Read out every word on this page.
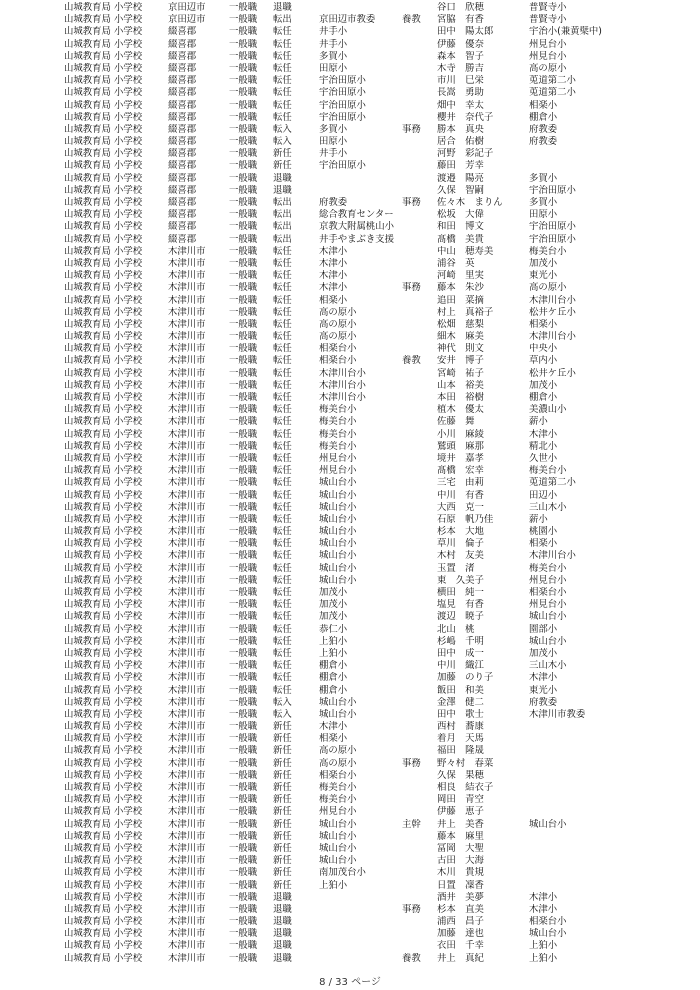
山城教育局 小学校	京田辺市	一般職	退職	谷口　欣穂	普賢寺小
山城教育局 小学校	京田辺市	一般職	転出	京田辺市教委	養教	宮脇　有香	普賢寺小
山城教育局 小学校	綴喜郡	一般職	転任	井手小	田中　陽太郎	宇治小(兼黄檗中)
山城教育局 小学校	綴喜郡	一般職	転任	井手小	伊藤　優奈	州見台小
山城教育局 小学校	綴喜郡	一般職	転任	多賀小	森本　智子	州見台小
山城教育局 小学校	綴喜郡	一般職	転任	田原小	木寺　勝吉	高の原小
山城教育局 小学校	綴喜郡	一般職	転任	宇治田原小	市川　巳栄	莵道第二小
山城教育局 小学校	綴喜郡	一般職	転任	宇治田原小	長嵩　勇助	莵道第二小
山城教育局 小学校	綴喜郡	一般職	転任	宇治田原小	畑中　幸太	相楽小
山城教育局 小学校	綴喜郡	一般職	転任	宇治田原小	櫻井　奈代子	棚倉小
山城教育局 小学校	綴喜郡	一般職	転入	多賀小	事務	勝本　真央	府教委
山城教育局 小学校	綴喜郡	一般職	転入	田原小	居合　佑樹	府教委
山城教育局 小学校	綴喜郡	一般職	新任	井手小	河野　彩記子
山城教育局 小学校	綴喜郡	一般職	新任	宇治田原小	藤田　芳幸
山城教育局 小学校	綴喜郡	一般職	退職	渡邉　陽亮	多賀小
山城教育局 小学校	綴喜郡	一般職	退職	久保　智嗣	宇治田原小
山城教育局 小学校	綴喜郡	一般職	転出	府教委	事務	佐々木　まりん	多賀小
山城教育局 小学校	綴喜郡	一般職	転出	総合教育センター	松坂　大偉	田原小
山城教育局 小学校	綴喜郡	一般職	転出	京教大附属桃山小	和田　博文	宇治田原小
山城教育局 小学校	綴喜郡	一般職	転出	井手やまぶき支援	髙橋　美貴	宇治田原小
山城教育局 小学校	木津川市	一般職	転任	木津小	中山　穂寿美	梅美台小
山城教育局 小学校	木津川市	一般職	転任	木津小	浦谷　英	加茂小
山城教育局 小学校	木津川市	一般職	転任	木津小	河崎　里実	東光小
山城教育局 小学校	木津川市	一般職	転任	木津小	事務	藤本　朱沙	高の原小
山城教育局 小学校	木津川市	一般職	転任	相楽小	追田　菜摘	木津川台小
山城教育局 小学校	木津川市	一般職	転任	高の原小	村上　真裕子	松井ケ丘小
山城教育局 小学校	木津川市	一般職	転任	高の原小	松畑　慈梨	相楽小
山城教育局 小学校	木津川市	一般職	転任	高の原小	細木　麻美	木津川台小
山城教育局 小学校	木津川市	一般職	転任	相楽台小	神代　則文	中央小
山城教育局 小学校	木津川市	一般職	転任	相楽台小	養教	安井　博子	草内小
山城教育局 小学校	木津川市	一般職	転任	木津川台小	宮崎　祐子	松井ケ丘小
山城教育局 小学校	木津川市	一般職	転任	木津川台小	山本　裕美	加茂小
山城教育局 小学校	木津川市	一般職	転任	木津川台小	本田　裕樹	棚倉小
山城教育局 小学校	木津川市	一般職	転任	梅美台小	植木　優太	美濃山小
山城教育局 小学校	木津川市	一般職	転任	梅美台小	佐藤　舞	薪小
山城教育局 小学校	木津川市	一般職	転任	梅美台小	小川　麻綾	木津小
山城教育局 小学校	木津川市	一般職	転任	梅美台小	鷲頭　麻那	精北小
山城教育局 小学校	木津川市	一般職	転任	州見台小	境井　嘉孝	久世小
山城教育局 小学校	木津川市	一般職	転任	州見台小	髙橋　宏幸	梅美台小
山城教育局 小学校	木津川市	一般職	転任	城山台小	三宅　由莉	莵道第二小
山城教育局 小学校	木津川市	一般職	転任	城山台小	中川　有香	田辺小
山城教育局 小学校	木津川市	一般職	転任	城山台小	大西　克一	三山木小
山城教育局 小学校	木津川市	一般職	転任	城山台小	石原　帆乃佳	薪小
山城教育局 小学校	木津川市	一般職	転任	城山台小	杉本　大地	桃園小
山城教育局 小学校	木津川市	一般職	転任	城山台小	草川　倫子	相楽小
山城教育局 小学校	木津川市	一般職	転任	城山台小	木村　友美	木津川台小
山城教育局 小学校	木津川市	一般職	転任	城山台小	玉置　渚	梅美台小
山城教育局 小学校	木津川市	一般職	転任	城山台小	東　久美子	州見台小
山城教育局 小学校	木津川市	一般職	転任	加茂小	横田　純一	相楽台小
山城教育局 小学校	木津川市	一般職	転任	加茂小	塩見　有香	州見台小
山城教育局 小学校	木津川市	一般職	転任	加茂小	渡辺　暁子	城山台小
山城教育局 小学校	木津川市	一般職	転任	恭仁小	北山　桃	園部小
山城教育局 小学校	木津川市	一般職	転任	上狛小	杉嶋　千明	城山台小
山城教育局 小学校	木津川市	一般職	転任	上狛小	田中　成一	加茂小
山城教育局 小学校	木津川市	一般職	転任	棚倉小	中川　織江	三山木小
山城教育局 小学校	木津川市	一般職	転任	棚倉小	加藤　のり子	木津小
山城教育局 小学校	木津川市	一般職	転任	棚倉小	飯田　和美	東光小
山城教育局 小学校	木津川市	一般職	転入	城山台小	金澤　健二	府教委
山城教育局 小学校	木津川市	一般職	転入	城山台小	田中　歌士	木津川市教委
山城教育局 小学校	木津川市	一般職	新任	木津小	西村　蕎康
山城教育局 小学校	木津川市	一般職	新任	相楽小	着月　天馬
山城教育局 小学校	木津川市	一般職	新任	高の原小	福田　隆晟
山城教育局 小学校	木津川市	一般職	新任	高の原小	事務	野々村　春菜
山城教育局 小学校	木津川市	一般職	新任	相楽台小	久保　果穂
山城教育局 小学校	木津川市	一般職	新任	梅美台小	相良　結衣子
山城教育局 小学校	木津川市	一般職	新任	梅美台小	岡田　青空
山城教育局 小学校	木津川市	一般職	新任	州見台小	伊藤　恵子
山城教育局 小学校	木津川市	一般職	新任	城山台小	主幹	井上　美香	城山台小
山城教育局 小学校	木津川市	一般職	新任	城山台小	藤本　麻里
山城教育局 小学校	木津川市	一般職	新任	城山台小	冨岡　大聖
山城教育局 小学校	木津川市	一般職	新任	城山台小	古田　大海
山城教育局 小学校	木津川市	一般職	新任	南加茂台小	木川　貴規
山城教育局 小学校	木津川市	一般職	新任	上狛小	日置　凜香
山城教育局 小学校	木津川市	一般職	退職	酒井　美夢	木津小
山城教育局 小学校	木津川市	一般職	退職	事務	杉本　直美	木津小
山城教育局 小学校	木津川市	一般職	退職	浦西　昌子	相楽台小
山城教育局 小学校	木津川市	一般職	退職	加藤　達也	城山台小
山城教育局 小学校	木津川市	一般職	退職	衣田　千幸	上狛小
山城教育局 小学校	木津川市	一般職	退職	養教	井上　真紀	上狛小
8 / 33 ページ
